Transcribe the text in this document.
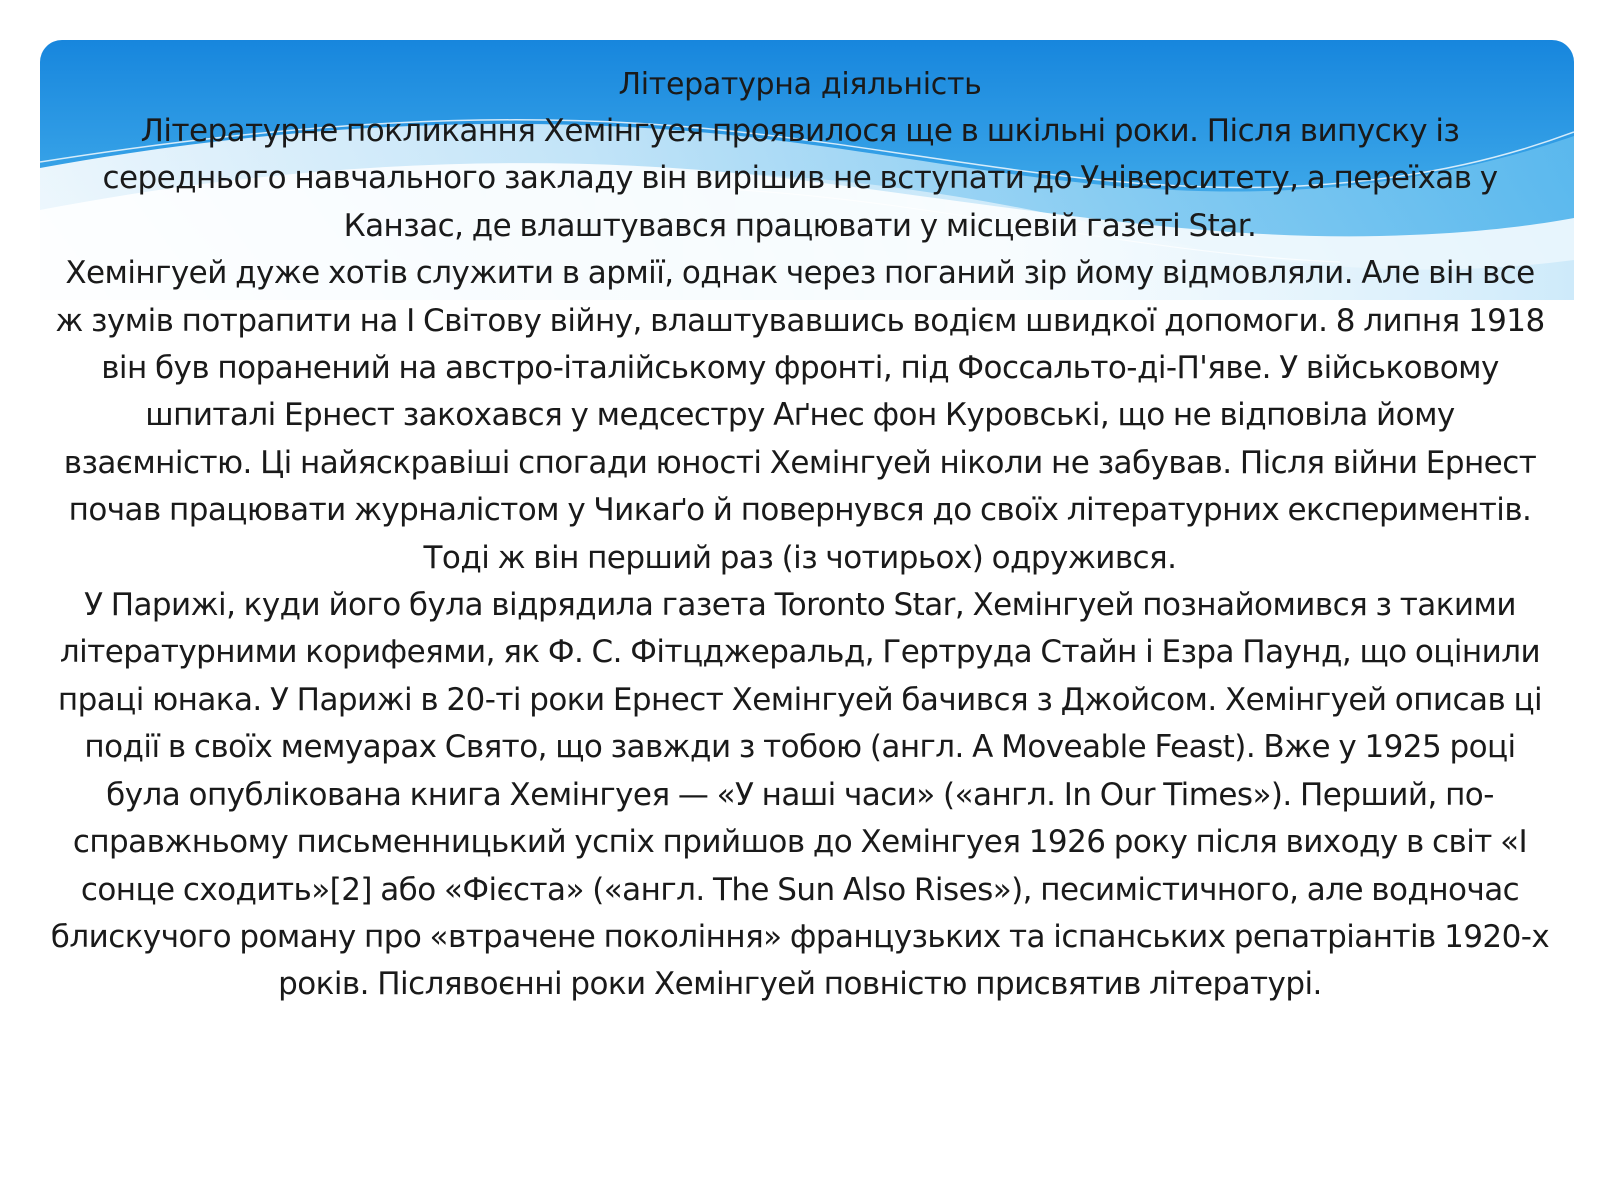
Літературна діяльність

Літературне покликання Хемінгуея проявилося ще в шкільні роки. Після випуску із середнього навчального закладу він вирішив не вступати до Університету, а переїхав у Канзас, де влаштувався працювати у місцевій газеті Star.

Хемінгуей дуже хотів служити в армії, однак через поганий зір йому відмовляли. Але він все ж зумів потрапити на І Світову війну, влаштувавшись водієм швидкої допомоги. 8 липня 1918 він був поранений на австро-італійському фронті, під Фоссальто-ді-П'яве. У військовому шпиталі Ернест закохався у медсестру Аґнес фон Куровські, що не відповіла йому взаємністю. Ці найяскравіші спогади юності Хемінгуей ніколи не забував. Після війни Ернест почав працювати журналістом у Чикаґо й повернувся до своїх літературних експериментів. Тоді ж він перший раз (із чотирьох) одружився.

У Парижі, куди його була відрядила газета Toronto Star, Хемінгуей познайомився з такими літературними корифеями, як Ф. С. Фітцджеральд, Гертруда Стайн і Езра Паунд, що оцінили праці юнака. У Парижі в 20-ті роки Ернест Хемінгуей бачився з Джойсом. Хемінгуей описав ці події в своїх мемуарах Свято, що завжди з тобою (англ. A Moveable Feast). Вже у 1925 році була опублікована книга Хемінгуея — «У наші часи» («англ. In Our Times»). Перший, по-справжньому письменницький успіх прийшов до Хемінгуея 1926 року після виходу в світ «І сонце сходить»[2] або «Фієста» («англ. The Sun Also Rises»), песимістичного, але водночас блискучого роману про «втрачене покоління» французьких та іспанських репатріантів 1920-х років. Післявоєнні роки Хемінгуей повністю присвятив літературі.
